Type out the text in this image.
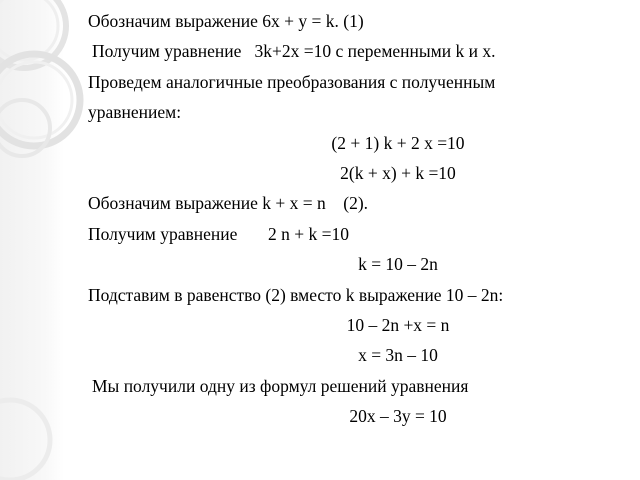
Обозначим выражение 6x + y = k. (1)
Получим уравнение   3k+2x =10 с переменными k и x.
Проведем аналогичные преобразования с полученным
уравнением:
(2 + 1) k + 2 x =10
2(k + x) + k =10
Обозначим выражение k + x = n    (2).
Получим уравнение       2 n + k =10
k = 10 – 2n
Подставим в равенство (2) вместо k выражение 10 – 2n:
10 – 2n +x = n
x = 3n – 10
Мы получили одну из формул решений уравнения
20x – 3y = 10
